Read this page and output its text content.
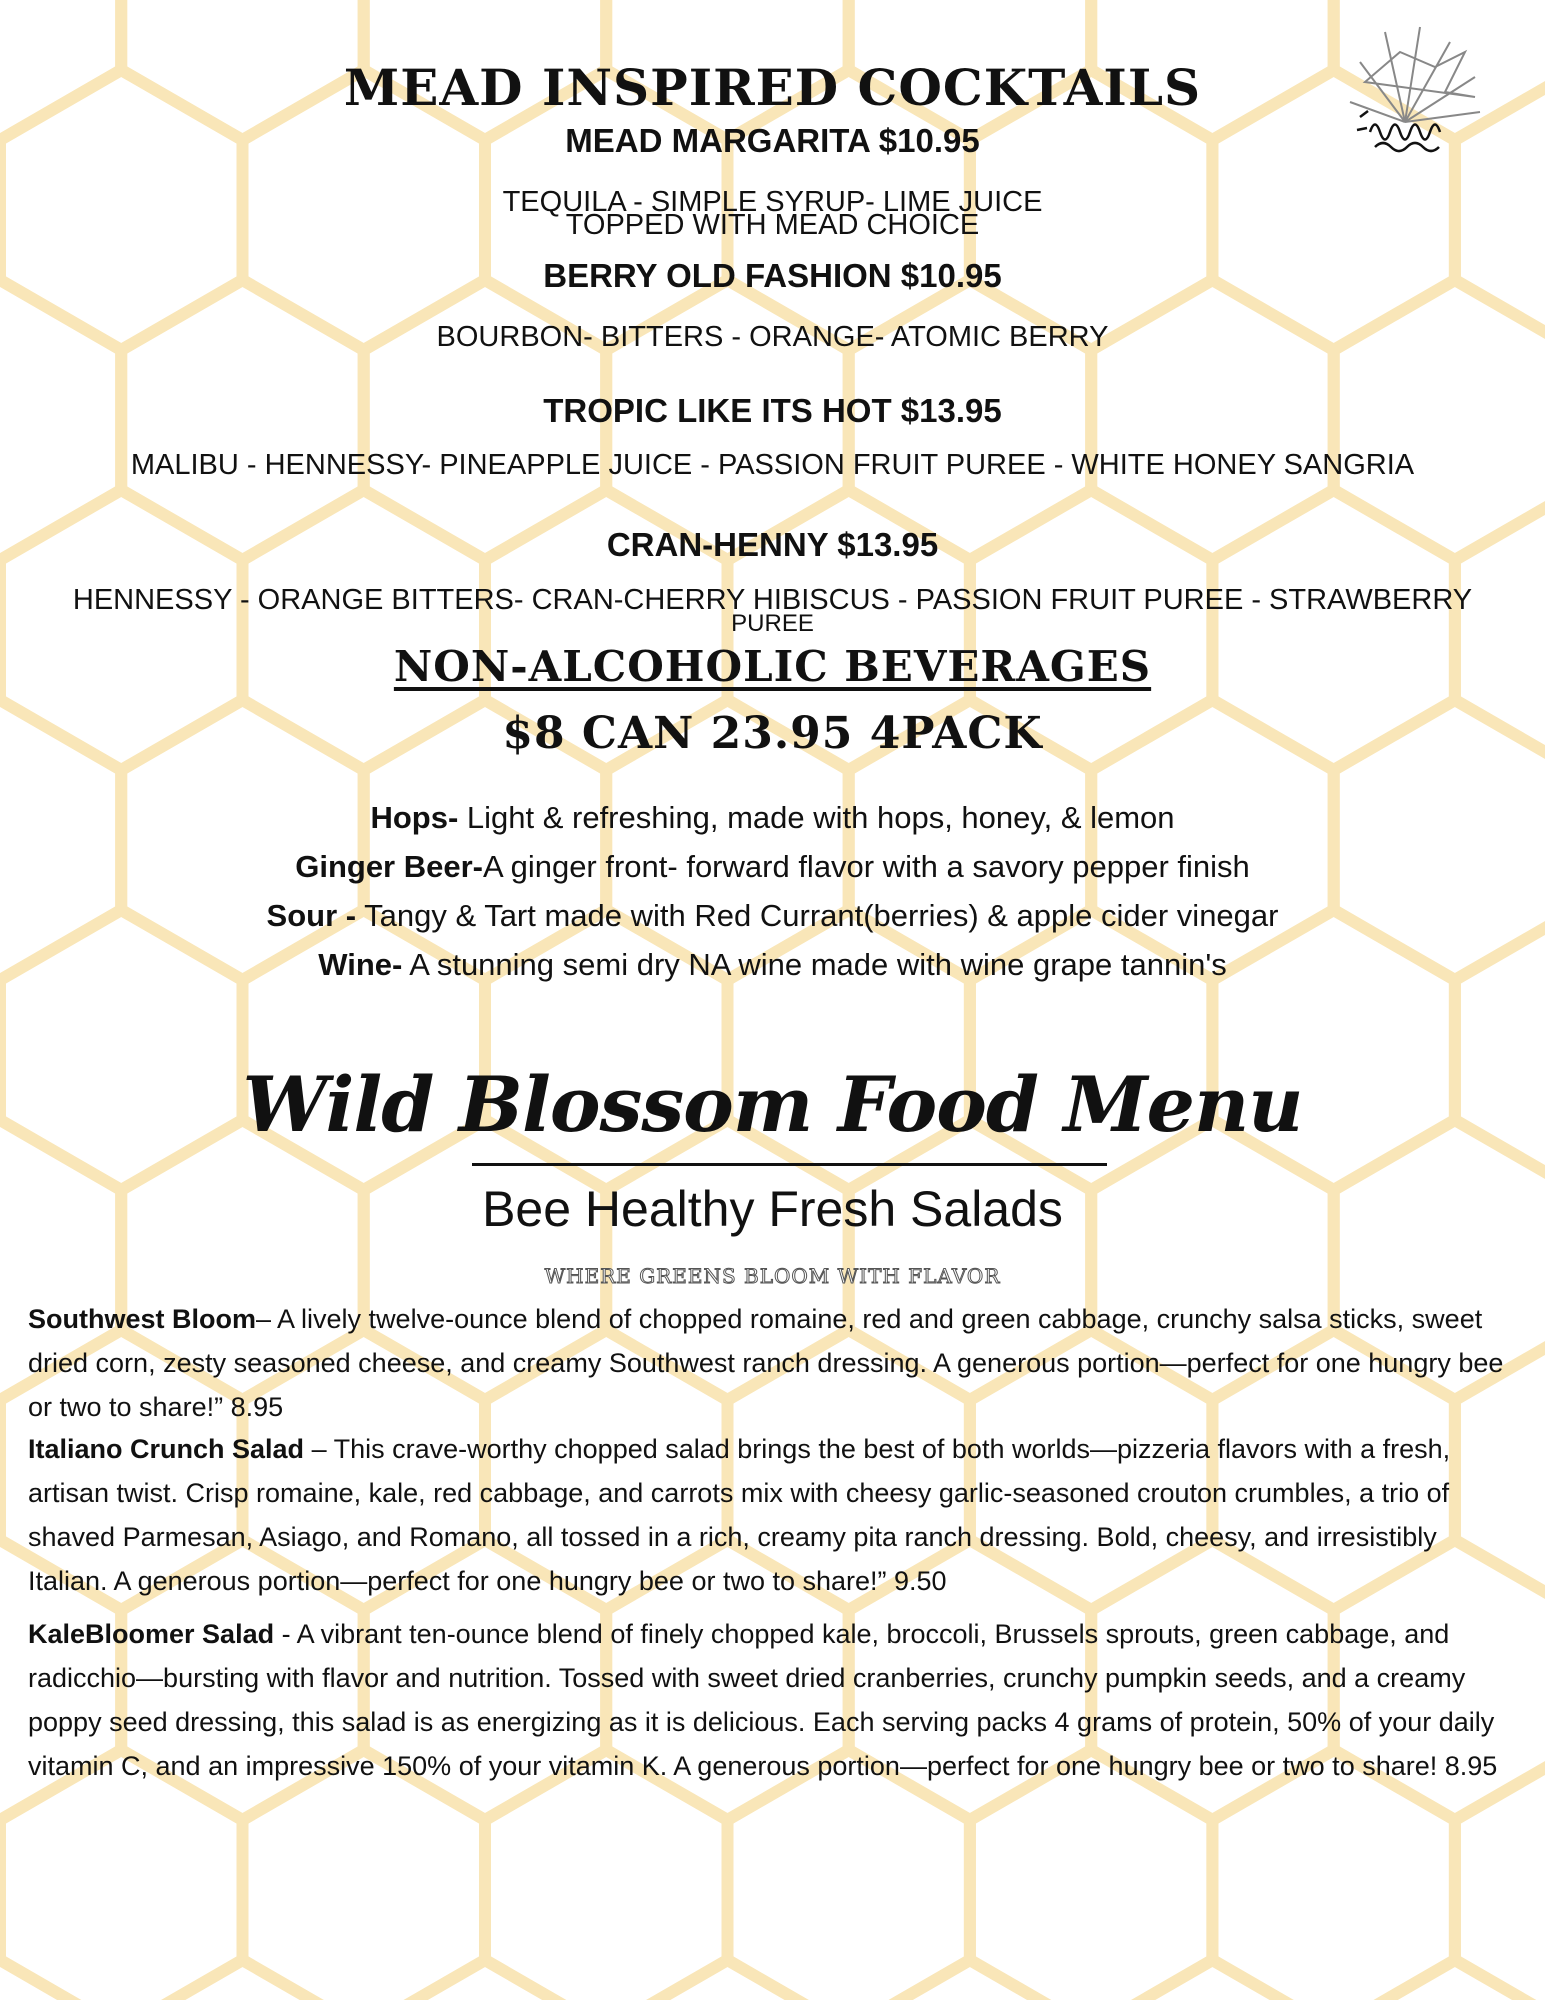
MEAD INSPIRED COCKTAILS
MEAD MARGARITA $10.95
TEQUILA - SIMPLE SYRUP- LIME JUICE
TOPPED WITH MEAD CHOICE
BERRY OLD FASHION $10.95
BOURBON- BITTERS - ORANGE- ATOMIC BERRY
TROPIC LIKE ITS HOT $13.95
MALIBU - HENNESSY- PINEAPPLE JUICE - PASSION FRUIT PUREE - WHITE HONEY SANGRIA
CRAN-HENNY $13.95
HENNESSY - ORANGE BITTERS- CRAN-CHERRY HIBISCUS - PASSION FRUIT PUREE - STRAWBERRY
PUREE
NON-ALCOHOLIC BEVERAGES
$8 CAN 23.95 4PACK
Hops- Light & refreshing, made with hops, honey, & lemon
Ginger Beer-A ginger front- forward flavor with a savory pepper finish
Sour - Tangy & Tart made with Red Currant(berries) & apple cider vinegar
Wine- A stunning semi dry NA wine made with wine grape tannin's
Wild Blossom Food Menu
Bee Healthy Fresh Salads
WHERE GREENS BLOOM WITH FLAVOR
Southwest Bloom– A lively twelve-ounce blend of chopped romaine, red and green cabbage, crunchy salsa sticks, sweet dried corn, zesty seasoned cheese, and creamy Southwest ranch dressing. A generous portion—perfect for one hungry bee or two to share!” 8.95
Italiano Crunch Salad – This crave-worthy chopped salad brings the best of both worlds—pizzeria flavors with a fresh, artisan twist. Crisp romaine, kale, red cabbage, and carrots mix with cheesy garlic-seasoned crouton crumbles, a trio of shaved Parmesan, Asiago, and Romano, all tossed in a rich, creamy pita ranch dressing. Bold, cheesy, and irresistibly Italian. A generous portion—perfect for one hungry bee or two to share!” 9.50
KaleBloomer Salad - A vibrant ten-ounce blend of finely chopped kale, broccoli, Brussels sprouts, green cabbage, and radicchio—bursting with flavor and nutrition. Tossed with sweet dried cranberries, crunchy pumpkin seeds, and a creamy poppy seed dressing, this salad is as energizing as it is delicious. Each serving packs 4 grams of protein, 50% of your daily vitamin C, and an impressive 150% of your vitamin K. A generous portion—perfect for one hungry bee or two to share! 8.95
